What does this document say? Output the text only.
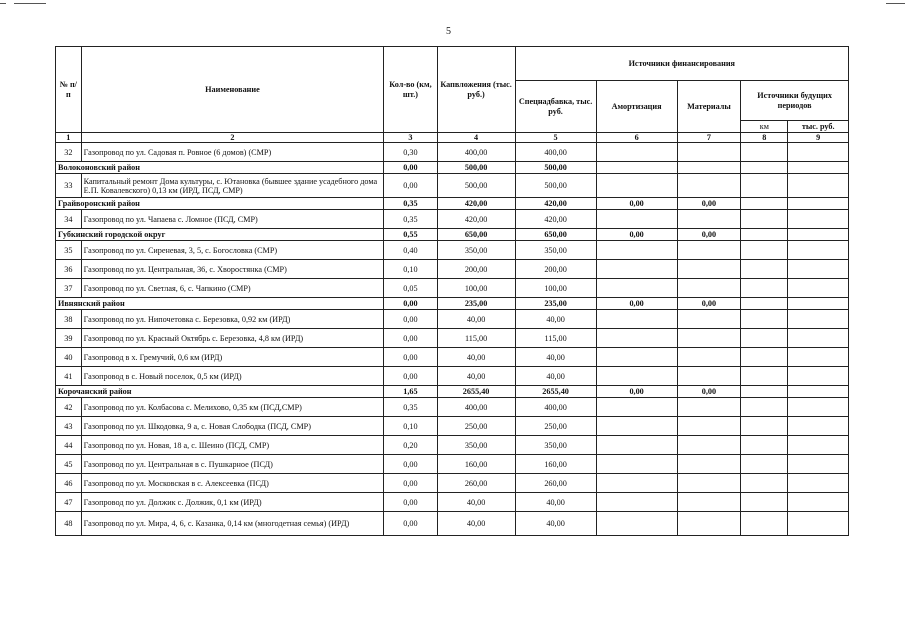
5
№ п/п	Наименование	Кол-во (км, шт.)	Капвложения (тыс. руб.)	Источники финансирования				
				Спецнадбавка, тыс. руб.	Амортизация	Материалы	Источники будущих периодов	
							км	тыс. руб.
1	2	3	4	5	6	7	8	9
32	Газопровод по ул. Садовая п. Ровное (6 домов) (СМР)	0,30	400,00	400,00				
Волоконовский район		0,00	500,00	500,00				
33	Капитальный ремонт Дома культуры, с. Ютановка (бывшее здание усадебного дома Е.П. Ковалевского) 0,13 км (ИРД, ПСД, СМР)	0,00	500,00	500,00				
Грайворонский район		0,35	420,00	420,00	0,00	0,00		
34	Газопровод по ул. Чапаева с. Ломное (ПСД, СМР)	0,35	420,00	420,00				
Губкинский городской округ		0,55	650,00	650,00	0,00	0,00		
35	Газопровод по ул. Сиреневая, 3, 5, с. Богословка (СМР)	0,40	350,00	350,00				
36	Газопровод по ул. Центральная, 36, с. Хворостянка (СМР)	0,10	200,00	200,00				
37	Газопровод по ул. Светлая, 6, с. Чапкино (СМР)	0,05	100,00	100,00				
Ивнянский район		0,00	235,00	235,00	0,00	0,00		
38	Газопровод по ул. Нипочетовка с. Березовка, 0,92 км (ИРД)	0,00	40,00	40,00				
39	Газопровод по ул. Красный Октябрь с. Березовка, 4,8 км (ИРД)	0,00	115,00	115,00				
40	Газопровод в х. Гремучий, 0,6 км (ИРД)	0,00	40,00	40,00				
41	Газопровод в с. Новый поселок, 0,5 км (ИРД)	0,00	40,00	40,00				
Корочанский район		1,65	2655,40	2655,40	0,00	0,00		
42	Газопровод по ул. Колбасова с. Мелихово, 0,35 км (ПСД,СМР)	0,35	400,00	400,00				
43	Газопровод по ул. Шкодовка, 9 а, с. Новая Слободка (ПСД, СМР)	0,10	250,00	250,00				
44	Газопровод по ул. Новая, 18 а, с. Шеино (ПСД, СМР)	0,20	350,00	350,00				
45	Газопровод по ул. Центральная в с. Пушкарное (ПСД)	0,00	160,00	160,00				
46	Газопровод по ул. Московская в с. Алексеевка (ПСД)	0,00	260,00	260,00				
47	Газопровод по ул. Должик с. Должик, 0,1 км (ИРД)	0,00	40,00	40,00				
48	Газопровод по ул. Мира, 4, 6, с. Казанка, 0,14 км (многодетная семья) (ИРД)	0,00	40,00	40,00				
